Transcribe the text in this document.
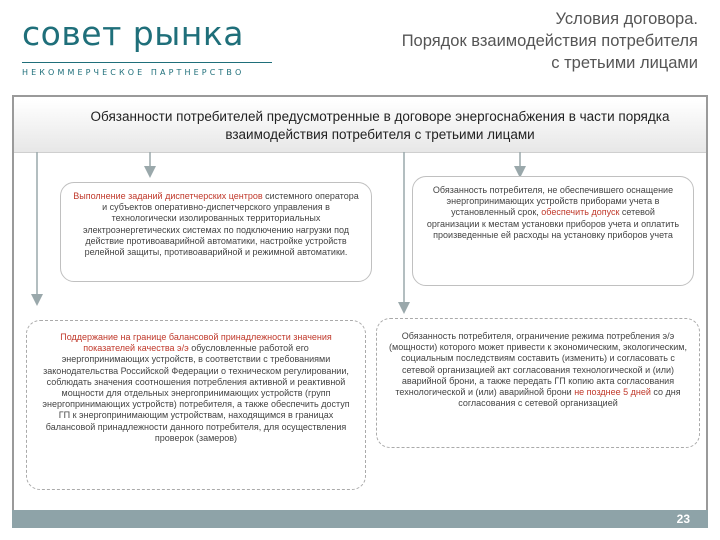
совет рынка
НЕКОММЕРЧЕСКОЕ ПАРТНЕРСТВО
Условия договора.
Порядок взаимодействия потребителя
с третьими лицами
Обязанности потребителей предусмотренные в договоре энергоснабжения в части порядка взаимодействия потребителя с третьими лицами
Выполнение заданий диспетчерских центров системного оператора и субъектов оперативно-диспетчерского управления в технологически изолированных территориальных электроэнергетических системах по подключению нагрузки под действие противоаварийной автоматики, настройке устройств релейной защиты, противоаварийной и режимной автоматики.
Обязанность потребителя, не обеспечившего оснащение энергопринимающих устройств приборами учета в установленный срок, обеспечить допуск сетевой организации к местам установки приборов учета и оплатить произведенные ей расходы на установку приборов учета
Поддержание на границе балансовой принадлежности значения показателей качества э/э обусловленные работой его энергопринимающих устройств, в соответствии с требованиями законодательства Российской Федерации о техническом регулировании, соблюдать значения соотношения потребления активной и реактивной мощности для отдельных энергопринимающих устройств (групп энергопринимающих устройств) потребителя, а также обеспечить доступ ГП к энергопринимающим устройствам, находящимся в границах балансовой принадлежности данного потребителя, для осуществления проверок (замеров)
Обязанность потребителя, ограничение режима потребления э/э (мощности) которого может привести к экономическим, экологическим, социальным последствиям составить (изменить) и согласовать с сетевой организацией акт согласования технологической и (или) аварийной брони, а также передать ГП копию акта согласования технологической и (или) аварийной брони не позднее 5 дней со дня согласования с сетевой организацией
23
